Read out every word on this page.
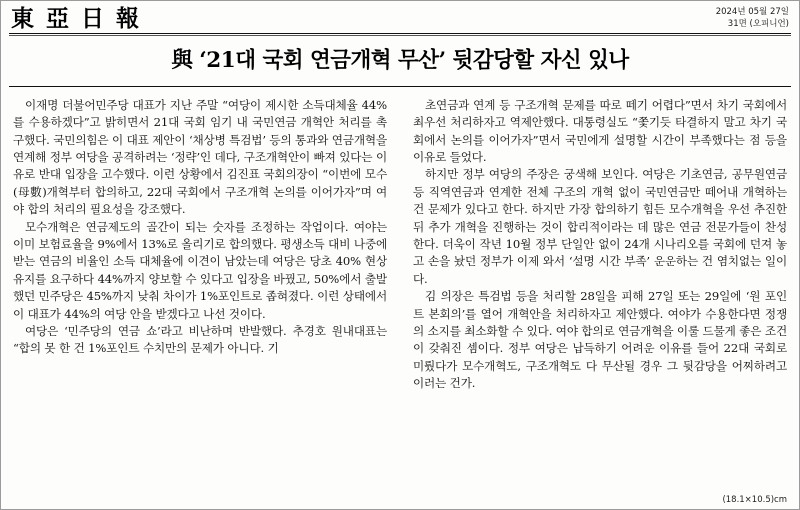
東 亞 日 報	2024년 05월 27일
31면 (오피니언)
與 ‘21대 국회 연금개혁 무산’ 뒷감당할 자신 있나

이재명 더불어민주당 대표가 지난 주말 “여당이 제시한 소득대체율 44%를 수용하겠다”고 밝히면서 21대 국회 임기 내 국민연금 개혁안 처리를 촉구했다. 국민의힘은 이 대표 제안이 ‘채상병 특검법’ 등의 통과와 연금개혁을 연계해 정부 여당을 공격하려는 ‘정략’인 데다, 구조개혁안이 빠져 있다는 이유로 반대 입장을 고수했다. 이런 상황에서 김진표 국회의장이 “이번에 모수(母數)개혁부터 합의하고, 22대 국회에서 구조개혁 논의를 이어가자”며 여야 합의 처리의 필요성을 강조했다.

모수개혁은 연금제도의 골간이 되는 숫자를 조정하는 작업이다. 여야는 이미 보험료율을 9%에서 13%로 올리기로 합의했다. 평생소득 대비 나중에 받는 연금의 비율인 소득 대체율에 이견이 남았는데 여당은 당초 40% 현상 유지를 요구하다 44%까지 양보할 수 있다고 입장을 바꿨고, 50%에서 출발했던 민주당은 45%까지 낮춰 차이가 1%포인트로 좁혀졌다. 이런 상태에서 이 대표가 44%의 여당 안을 받겠다고 나선 것이다.

여당은 ‘민주당의 연금 쇼’라고 비난하며 반발했다. 추경호 원내대표는 “합의 못 한 건 1%포인트 수치만의 문제가 아니다. 기

초연금과 연계 등 구조개혁 문제를 따로 떼기 어렵다”면서 차기 국회에서 최우선 처리하자고 역제안했다. 대통령실도 “쫓기듯 타결하지 말고 차기 국회에서 논의를 이어가자”면서 국민에게 설명할 시간이 부족했다는 점 등을 이유로 들었다.

하지만 정부 여당의 주장은 궁색해 보인다. 여당은 기초연금, 공무원연금 등 직역연금과 연계한 전체 구조의 개혁 없이 국민연금만 떼어내 개혁하는 건 문제가 있다고 한다. 하지만 가장 합의하기 힘든 모수개혁을 우선 추진한 뒤 추가 개혁을 진행하는 것이 합리적이라는 데 많은 연금 전문가들이 찬성한다. 더욱이 작년 10월 정부 단일안 없이 24개 시나리오를 국회에 던져 놓고 손을 놨던 정부가 이제 와서 ‘설명 시간 부족’ 운운하는 건 염치없는 일이다.

김 의장은 특검법 등을 처리할 28일을 피해 27일 또는 29일에 ‘원 포인트 본회의’를 열어 개혁안을 처리하자고 제안했다. 여야가 수용한다면 정쟁의 소지를 최소화할 수 있다. 여야 합의로 연금개혁을 이룰 드물게 좋은 조건이 갖춰진 셈이다. 정부 여당은 납득하기 어려운 이유를 들어 22대 국회로 미뤘다가 모수개혁도, 구조개혁도 다 무산될 경우 그 뒷감당을 어찌하려고 이러는 건가.

(18.1×10.5)cm
